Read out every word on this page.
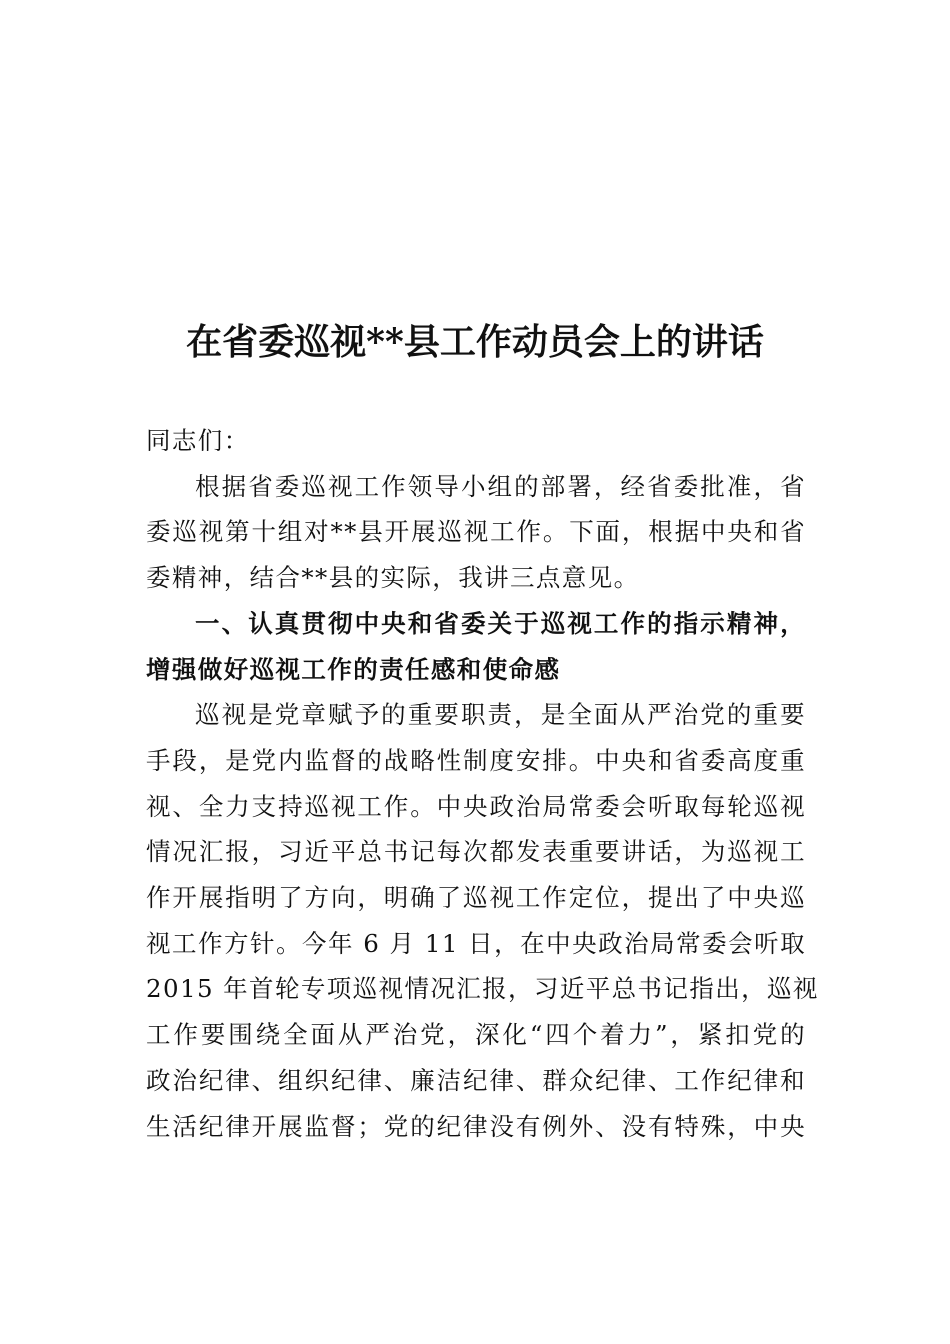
在省委巡视**县工作动员会上的讲话

同志们：

根据省委巡视工作领导小组的部署，经省委批准，省
委巡视第十组对**县开展巡视工作。下面，根据中央和省
委精神，结合**县的实际，我讲三点意见。

一、认真贯彻中央和省委关于巡视工作的指示精神，
增强做好巡视工作的责任感和使命感

巡视是党章赋予的重要职责，是全面从严治党的重要
手段，是党内监督的战略性制度安排。中央和省委高度重
视、全力支持巡视工作。中央政治局常委会听取每轮巡视
情况汇报，习近平总书记每次都发表重要讲话，为巡视工
作开展指明了方向，明确了巡视工作定位，提出了中央巡
视工作方针。今年 6 月 11 日，在中央政治局常委会听取
2015 年首轮专项巡视情况汇报，习近平总书记指出，巡视
工作要围绕全面从严治党，深化“四个着力”，紧扣党的
政治纪律、组织纪律、廉洁纪律、群众纪律、工作纪律和
生活纪律开展监督；党的纪律没有例外、没有特殊，中央
